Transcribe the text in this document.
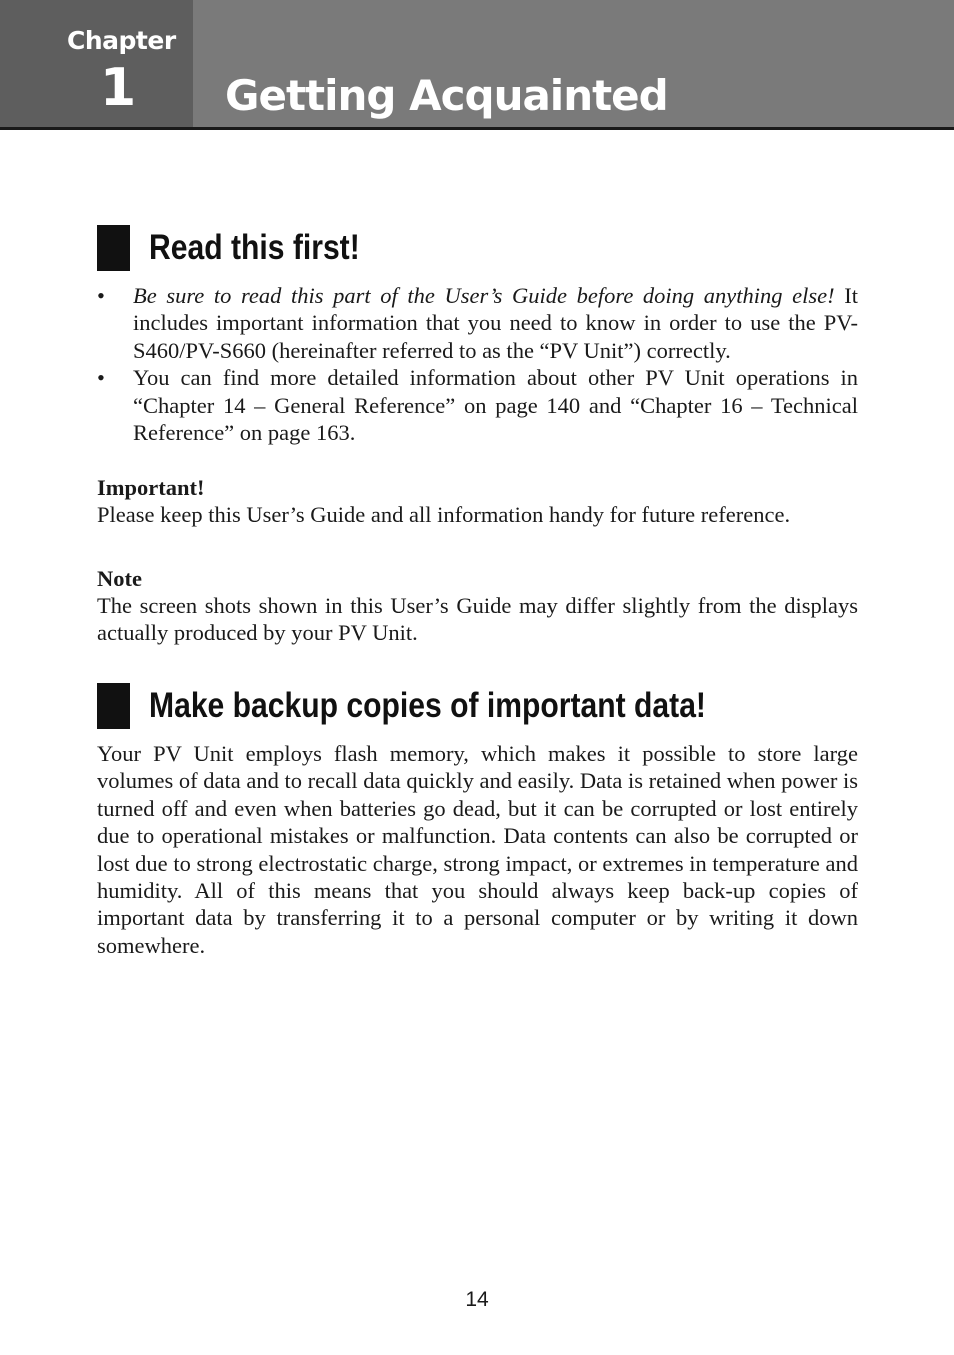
Chapter
1 Getting Acquainted
Read this first!
• Be sure to read this part of the User’s Guide before doing anything else! It includes important information that you need to know in order to use the PV-S460/PV-S660 (hereinafter referred to as the “PV Unit”) correctly.
• You can find more detailed information about other PV Unit operations in “Chapter 14 – General Reference” on page 140 and “Chapter 16 – Technical Reference” on page 163.
Important!
Please keep this User’s Guide and all information handy for future reference.
Note
The screen shots shown in this User’s Guide may differ slightly from the displays actually produced by your PV Unit.
Make backup copies of important data!
Your PV Unit employs flash memory, which makes it possible to store large volumes of data and to recall data quickly and easily. Data is retained when power is turned off and even when batteries go dead, but it can be corrupted or lost entirely due to operational mistakes or malfunction. Data contents can also be corrupted or lost due to strong electrostatic charge, strong impact, or extremes in temperature and humidity. All of this means that you should always keep back-up copies of important data by transferring it to a personal computer or by writing it down somewhere.
14
